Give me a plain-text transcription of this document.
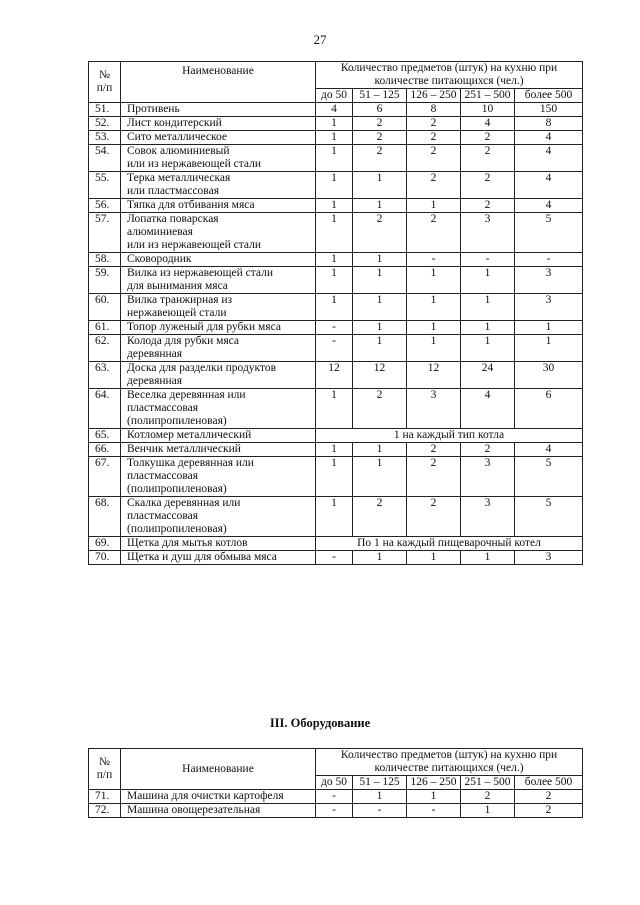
27
№
п/п	Наименование	Количество предметов (штук) на кухню при количестве питающихся (чел.)				
		до 50	51 – 125	126 – 250	251 – 500	более 500
51.	Противень	4	6	8	10	150
52.	Лист кондитерский	1	2	2	4	8
53.	Сито металлическое	1	2	2	2	4
54.	Совок алюминиевый
или из нержавеющей стали	1	2	2	2	4
55.	Терка металлическая
или пластмассовая	1	1	2	2	4
56.	Тяпка для отбивания мяса	1	1	1	2	4
57.	Лопатка поварская
алюминиевая
или из нержавеющей стали	1	2	2	3	5
58.	Сковородник	1	1	-	-	-
59.	Вилка из нержавеющей стали
для вынимания мяса	1	1	1	1	3
60.	Вилка транжирная из
нержавеющей стали	1	1	1	1	3
61.	Топор луженый для рубки мяса	-	1	1	1	1
62.	Колода для рубки мяса
деревянная	-	1	1	1	1
63.	Доска для разделки продуктов
деревянная	12	12	12	24	30
64.	Веселка деревянная или
пластмассовая
(полипропиленовая)	1	2	3	4	6
65.	Котломер металлический	1 на каждый тип котла				
66.	Венчик металлический	1	1	2	2	4
67.	Толкушка деревянная или
пластмассовая
(полипропиленовая)	1	1	2	3	5
68.	Скалка деревянная или
пластмассовая
(полипропиленовая)	1	2	2	3	5
69.	Щетка для мытья котлов	По 1 на каждый пищеварочный котел				
70.	Щетка и душ для обмыва мяса	-	1	1	1	3
III. Оборудование
№
п/п	Наименование	Количество предметов (штук) на кухню при количестве питающихся (чел.)				
		до 50	51 – 125	126 – 250	251 – 500	более 500
71.	Машина для очистки картофеля	-	1	1	2	2
72.	Машина овощерезательная	-	-	-	1	2
